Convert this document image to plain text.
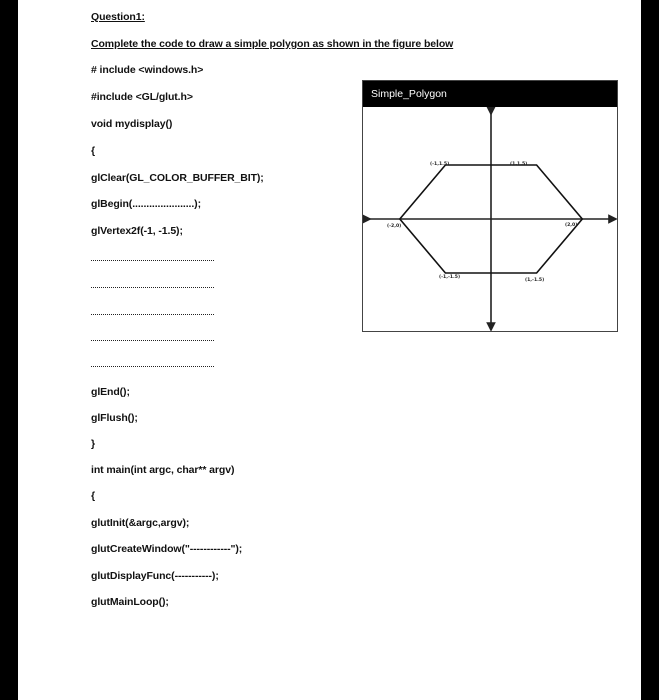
Question1:
Complete the code to draw a simple polygon as shown in the figure below
# include <windows.h>
#include <GL/glut.h>
void mydisplay()
{
glClear(GL_COLOR_BUFFER_BIT);
glBegin(......................);
glVertex2f(-1, -1.5);
glEnd();
glFlush();
}
int main(int argc, char** argv)
{
glutInit(&argc,argv);
glutCreateWindow("------------");
glutDisplayFunc(-----------);
glutMainLoop();
Simple_Polygon
(-1,1.5)	(1,1.5)
(-2,0)	(2,0)
(-1,-1.5)
(1,-1.5)
